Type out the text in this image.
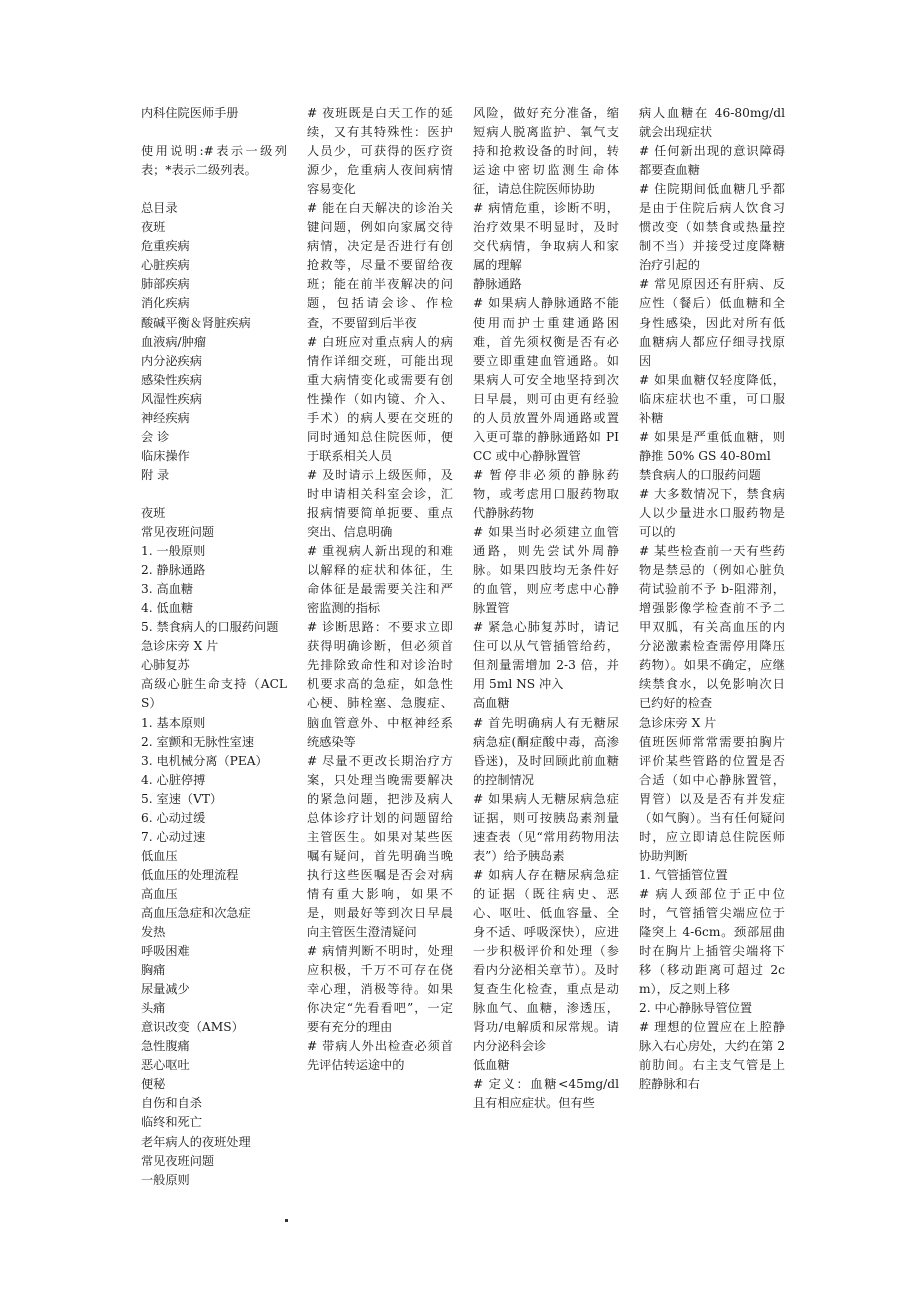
内科住院医师手册

使用说明:#表示一级列表；*表示二级列表。

总目录

夜班

危重疾病

心脏疾病

肺部疾病

消化疾病

酸碱平衡＆肾脏疾病

血液病/肿瘤

内分泌疾病

感染性疾病

风湿性疾病

神经疾病

会 诊

临床操作

附 录

夜班

常见夜班问题

1. 一般原则

2. 静脉通路

3. 高血糖

4. 低血糖

5. 禁食病人的口服药问题

急诊床旁 X 片

心肺复苏

高级心脏生命支持（ACLS）

1. 基本原则

2. 室颤和无脉性室速

3. 电机械分离（PEA）

4. 心脏停搏

5. 室速（VT）

6. 心动过缓

7. 心动过速

低血压

低血压的处理流程

高血压

高血压急症和次急症

发热

呼吸困难

胸痛

尿量减少

头痛

意识改变（AMS）

急性腹痛

恶心呕吐

便秘

自伤和自杀

临终和死亡

老年病人的夜班处理

常见夜班问题

一般原则

# 夜班既是白天工作的延续，又有其特殊性：医护人员少，可获得的医疗资源少，危重病人夜间病情容易变化

# 能在白天解决的诊治关键问题，例如向家属交待病情，决定是否进行有创抢救等，尽量不要留给夜班；能在前半夜解决的问题，包括请会诊、作检查，不要留到后半夜

# 白班应对重点病人的病情作详细交班，可能出现重大病情变化或需要有创性操作（如内镜、介入、手术）的病人要在交班的同时通知总住院医师，便于联系相关人员

# 及时请示上级医师，及时申请相关科室会诊，汇报病情要简单扼要、重点突出、信息明确

# 重视病人新出现的和难以解释的症状和体征，生命体征是最需要关注和严密监测的指标

# 诊断思路：不要求立即获得明确诊断，但必须首先排除致命性和对诊治时机要求高的急症，如急性心梗、肺栓塞、急腹症、脑血管意外、中枢神经系统感染等

# 尽量不更改长期治疗方案，只处理当晚需要解决的紧急问题，把涉及病人总体诊疗计划的问题留给主管医生。如果对某些医嘱有疑问，首先明确当晚执行这些医嘱是否会对病情有重大影响，如果不是，则最好等到次日早晨向主管医生澄清疑问

# 病情判断不明时，处理应积极，千万不可存在侥幸心理，消极等待。如果你决定“先看看吧”，一定要有充分的理由

# 带病人外出检查必须首先评估转运途中的

风险，做好充分准备，缩短病人脱离监护、氧气支持和抢救设备的时间，转运途中密切监测生命体征，请总住院医师协助

# 病情危重，诊断不明，治疗效果不明显时，及时交代病情，争取病人和家属的理解

静脉通路

# 如果病人静脉通路不能使用而护士重建通路困难，首先须权衡是否有必要立即重建血管通路。如果病人可安全地坚持到次日早晨，则可由更有经验的人员放置外周通路或置入更可靠的静脉通路如 PICC 或中心静脉置管

# 暂停非必须的静脉药物，或考虑用口服药物取代静脉药物

# 如果当时必须建立血管通路，则先尝试外周静脉。如果四肢均无条件好的血管，则应考虑中心静脉置管

# 紧急心肺复苏时，请记住可以从气管插管给药，但剂量需增加 2-3 倍，并用 5ml NS 冲入

高血糖

# 首先明确病人有无糖尿病急症(酮症酸中毒，高渗昏迷)，及时回顾此前血糖的控制情况

# 如果病人无糖尿病急症证据，则可按胰岛素剂量速查表（见“常用药物用法表”）给予胰岛素

# 如病人存在糖尿病急症的证据（既往病史、恶心、呕吐、低血容量、全身不适、呼吸深快），应进一步积极评价和处理（参看内分泌相关章节）。及时复查生化检查，重点是动脉血气、血糖，渗透压，肾功/电解质和尿常规。请内分泌科会诊

低血糖

# 定义：血糖<45mg/dl 且有相应症状。但有些

病人血糖在 46-80mg/dl 就会出现症状

# 任何新出现的意识障碍都要查血糖

# 住院期间低血糖几乎都是由于住院后病人饮食习惯改变（如禁食或热量控制不当）并接受过度降糖治疗引起的

# 常见原因还有肝病、反应性（餐后）低血糖和全身性感染，因此对所有低血糖病人都应仔细寻找原因

# 如果血糖仅轻度降低，临床症状也不重，可口服补糖

# 如果是严重低血糖，则静推 50% GS 40-80ml

禁食病人的口服药问题

# 大多数情况下，禁食病人以少量进水口服药物是可以的

# 某些检查前一天有些药物是禁忌的（例如心脏负荷试验前不予 b-阻滞剂，增强影像学检查前不予二甲双胍，有关高血压的内分泌激素检查需停用降压药物）。如果不确定，应继续禁食水，以免影响次日已约好的检查

急诊床旁 X 片

值班医师常常需要拍胸片评价某些管路的位置是否合适（如中心静脉置管，胃管）以及是否有并发症（如气胸）。当有任何疑问时，应立即请总住院医师协助判断

1. 气管插管位置

# 病人颈部位于正中位时，气管插管尖端应位于隆突上 4-6cm。颈部屈曲时在胸片上插管尖端将下移（移动距离可超过 2cm），反之则上移

2. 中心静脉导管位置

# 理想的位置应在上腔静脉入右心房处，大约在第 2 前肋间。右主支气管是上腔静脉和右
